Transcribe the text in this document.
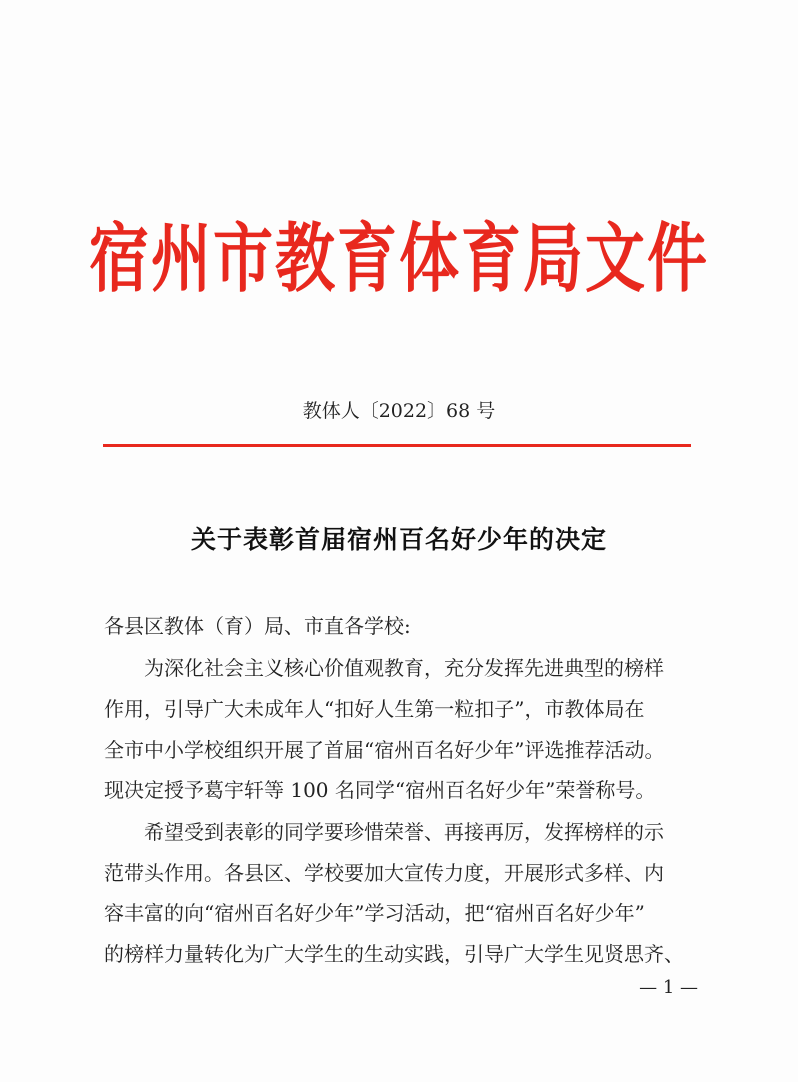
宿州市教育体育局文件
教体人〔2022〕68 号
关于表彰首届宿州百名好少年的决定
各县区教体（育）局、市直各学校:
为深化社会主义核心价值观教育，充分发挥先进典型的榜样
作用，引导广大未成年人“扣好人生第一粒扣子”，市教体局在
全市中小学校组织开展了首届“宿州百名好少年”评选推荐活动。
现决定授予葛宇轩等 100 名同学“宿州百名好少年”荣誉称号。
希望受到表彰的同学要珍惜荣誉、再接再厉，发挥榜样的示
范带头作用。各县区、学校要加大宣传力度，开展形式多样、内
容丰富的向“宿州百名好少年”学习活动，把“宿州百名好少年”
的榜样力量转化为广大学生的生动实践，引导广大学生见贤思齐、
— 1 —
